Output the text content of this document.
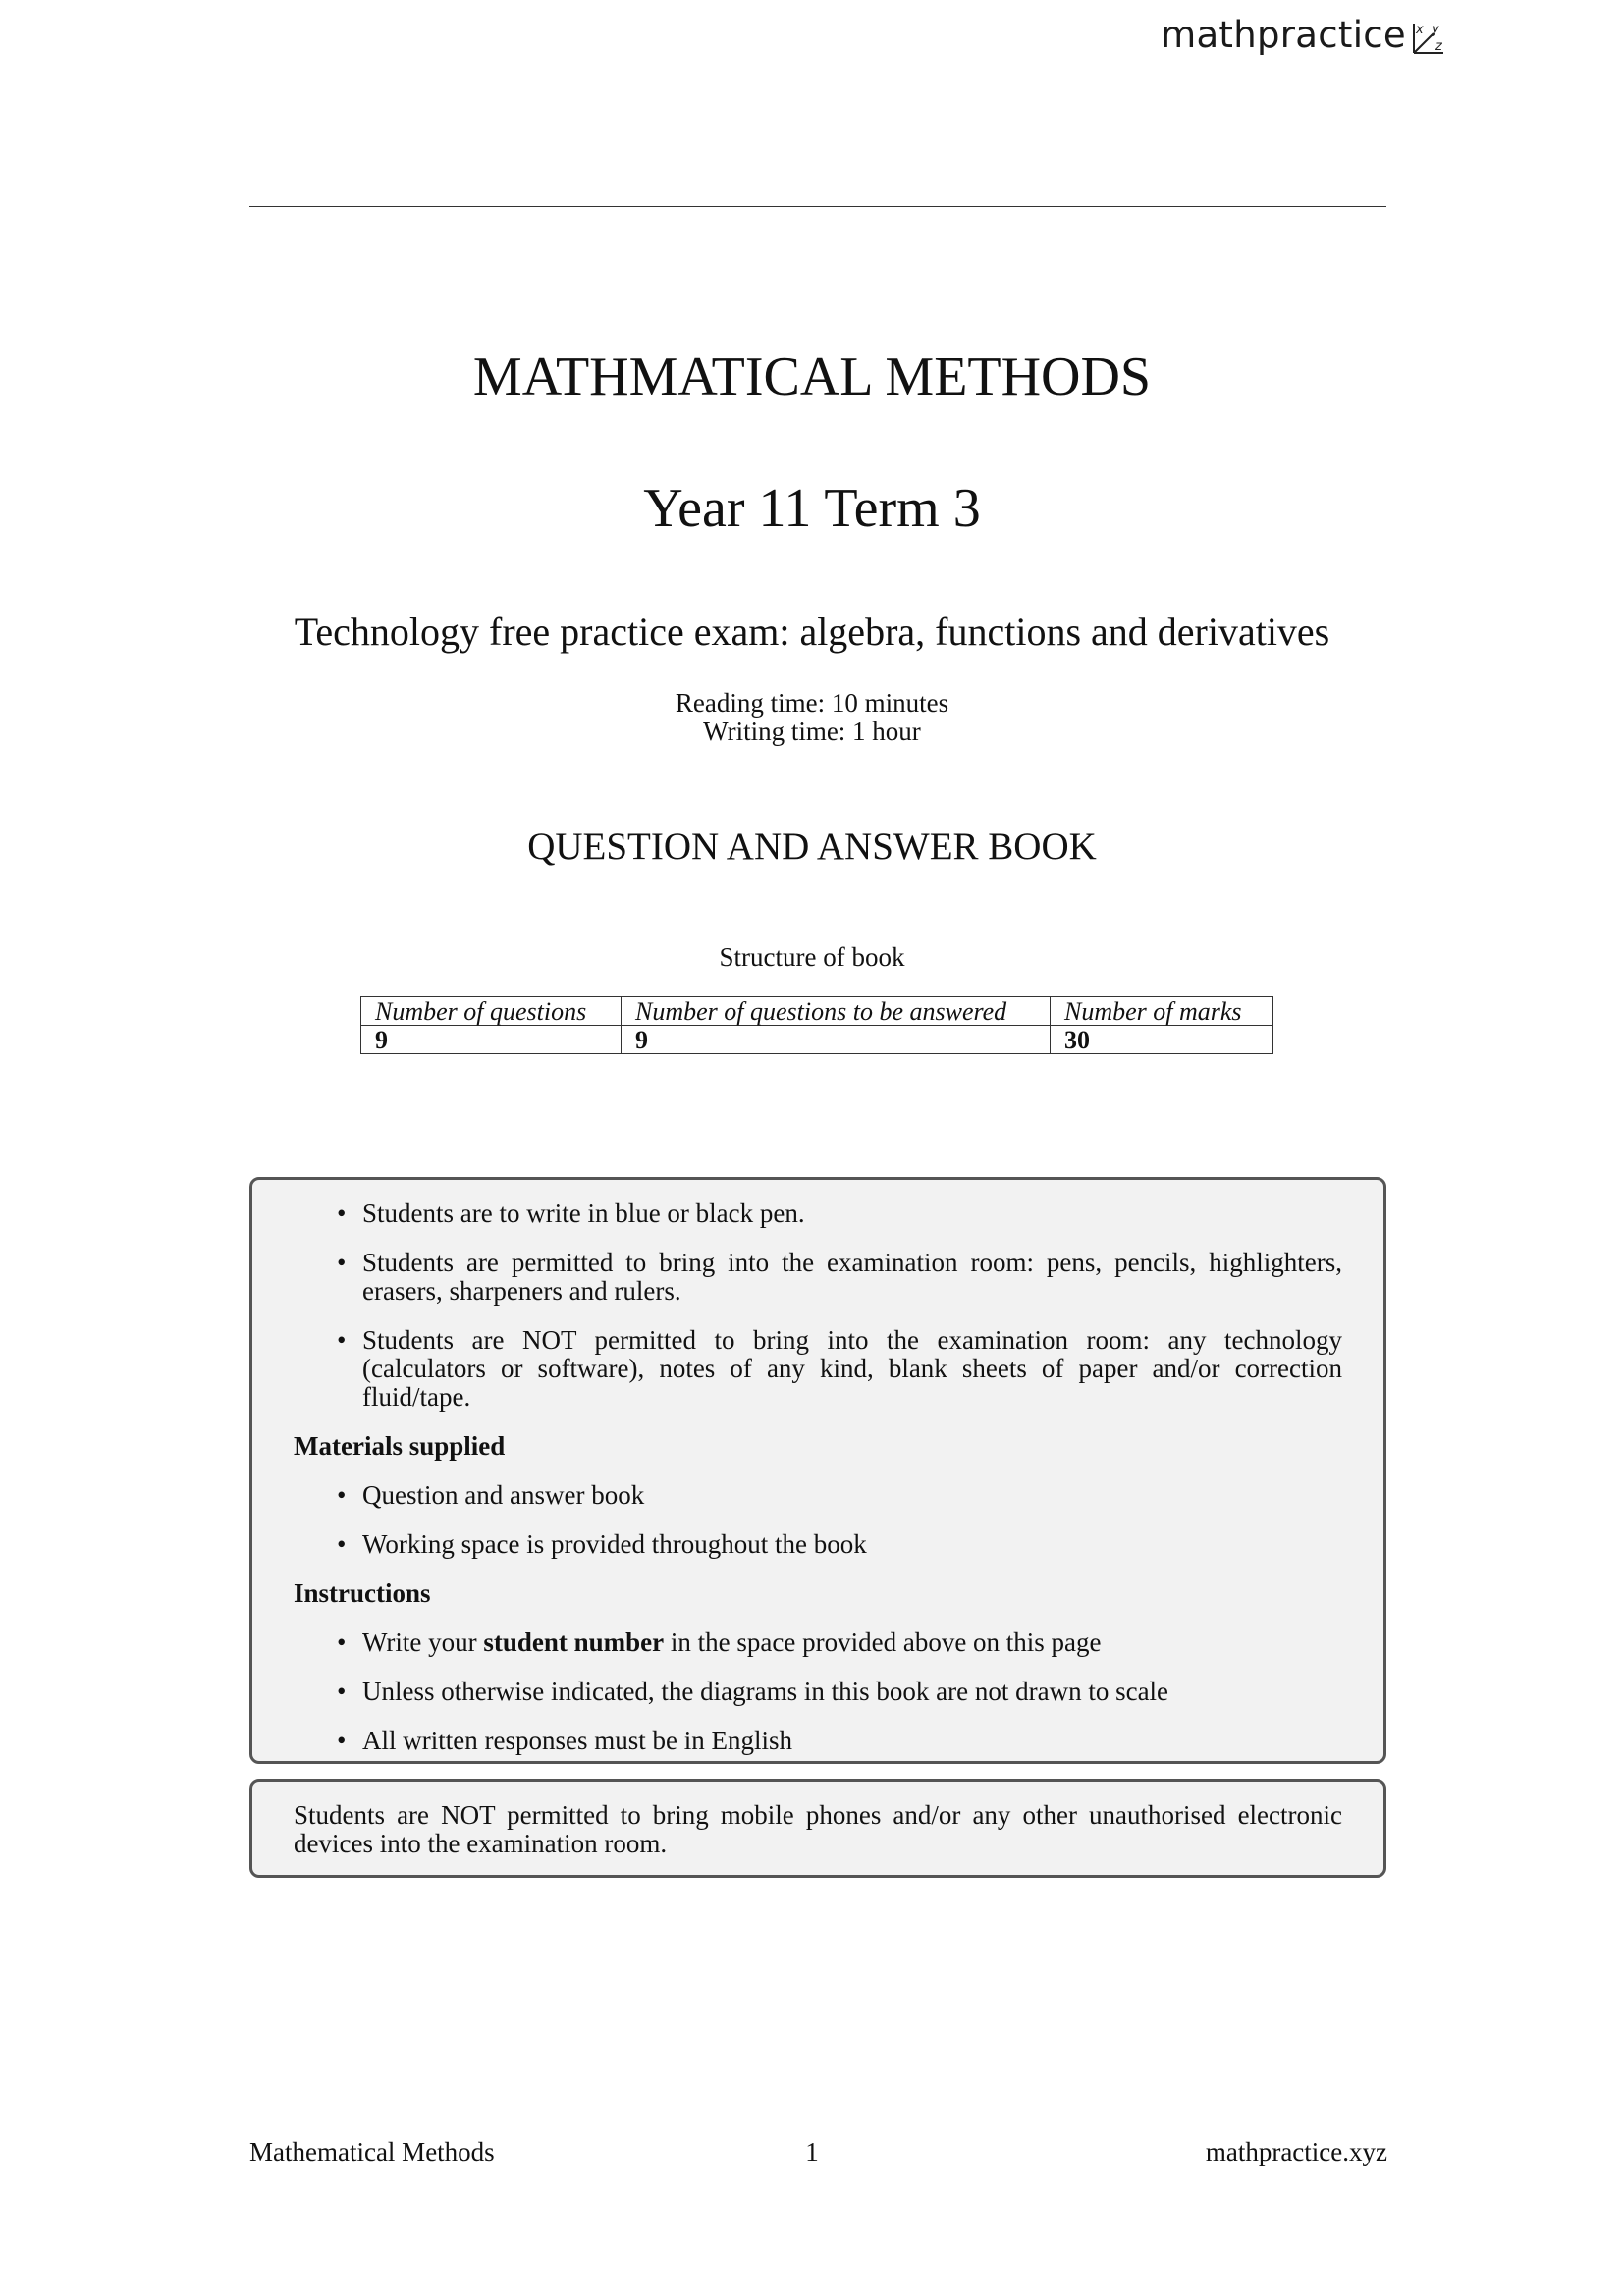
mathpractice x y
z
MATHMATICAL METHODS
Year 11 Term 3
Technology free practice exam: algebra, functions and derivatives
Reading time: 10 minutes
Writing time: 1 hour
QUESTION AND ANSWER BOOK
Structure of book
Number of questions	Number of questions to be answered	Number of marks
9	9	30
• Students are to write in blue or black pen.
• Students are permitted to bring into the examination room: pens, pencils, highlighters, erasers, sharpeners and rulers.
• Students are NOT permitted to bring into the examination room: any technology (calculators or software), notes of any kind, blank sheets of paper and/or correction fluid/tape.
Materials supplied
• Question and answer book
• Working space is provided throughout the book
Instructions
• Write your student number in the space provided above on this page
• Unless otherwise indicated, the diagrams in this book are not drawn to scale
• All written responses must be in English
Students are NOT permitted to bring mobile phones and/or any other unauthorised electronic devices into the examination room.
Mathematical Methods	1	mathpractice.xyz
